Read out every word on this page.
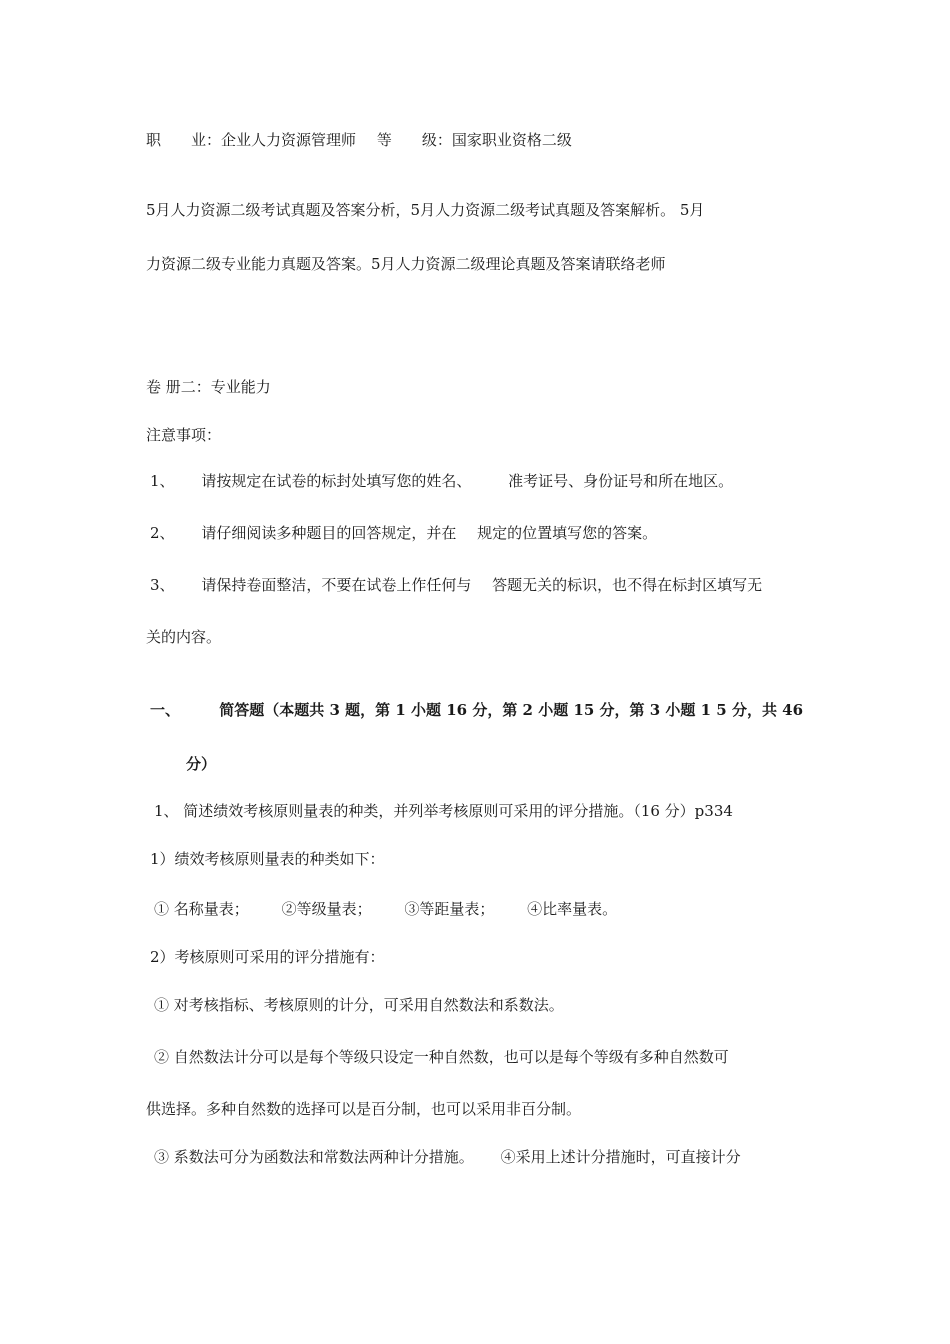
职　　业：企业人力资源管理师 等　　级：国家职业资格二级
5月人力资源二级考试真题及答案分析，5月人力资源二级考试真题及答案解析。 5月
力资源二级专业能力真题及答案。5月人力资源二级理论真题及答案请联络老师
卷 册二：专业能力
注意事项：
1、 请按规定在试卷的标封处填写您的姓名、 准考证号、身份证号和所在地区。
2、 请仔细阅读多种题目的回答规定，并在 规定的位置填写您的答案。
3、 请保持卷面整洁，不要在试卷上作任何与 答题无关的标识，也不得在标封区填写无
关的内容。
一、	简答题（本题共 3 题，第 1 小题 16 分，第 2 小题 15 分，第 3 小题 1 5 分，共 46
分）
1、 简述绩效考核原则量表的种类，并列举考核原则可采用的评分措施。（16 分）p334
1）绩效考核原则量表的种类如下：
① 名称量表； ②等级量表； ③等距量表； ④比率量表。
2）考核原则可采用的评分措施有：
① 对考核指标、考核原则的计分，可采用自然数法和系数法。
② 自然数法计分可以是每个等级只设定一种自然数，也可以是每个等级有多种自然数可
供选择。多种自然数的选择可以是百分制，也可以采用非百分制。
③ 系数法可分为函数法和常数法两种计分措施。 ④采用上述计分措施时，可直接计分
